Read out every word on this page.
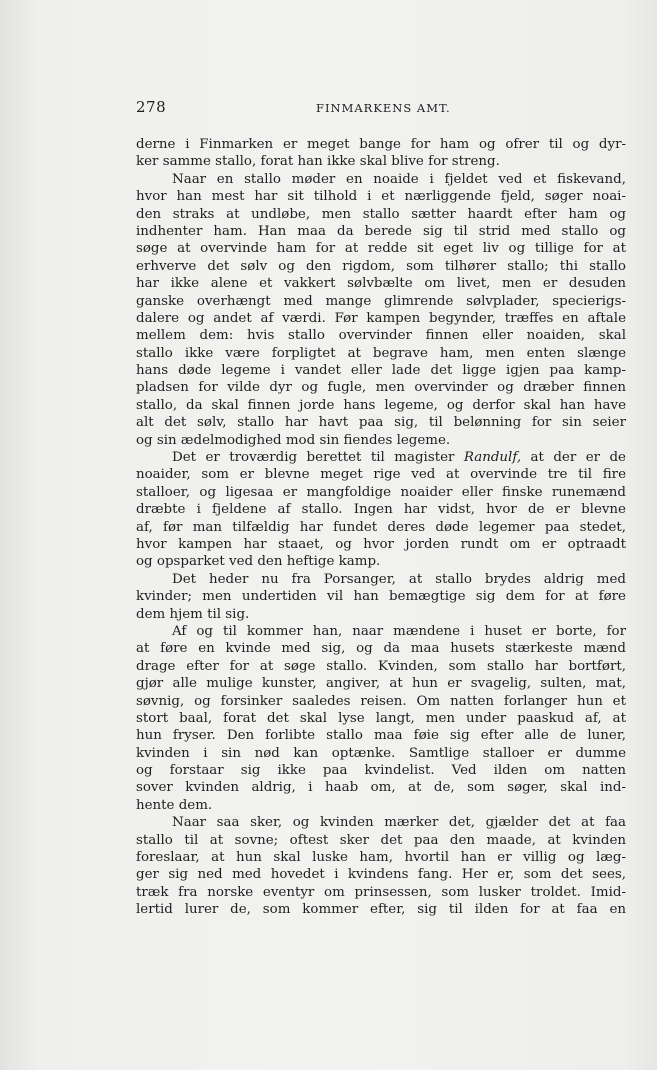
278	FINMARKENS AMT.
derne i Finmarken er meget bange for ham og ofrer til og dyr-
ker samme stallo, forat han ikke skal blive for streng.
Naar en stallo møder en noaide i fjeldet ved et fiskevand,
hvor han mest har sit tilhold i et nærliggende fjeld, søger noai-
den straks at undløbe, men stallo sætter haardt efter ham og
indhenter ham. Han maa da berede sig til strid med stallo og
søge at overvinde ham for at redde sit eget liv og tillige for at
erhverve det sølv og den rigdom, som tilhører stallo; thi stallo
har ikke alene et vakkert sølvbælte om livet, men er desuden
ganske overhængt med mange glimrende sølvplader, specierigs-
dalere og andet af værdi. Før kampen begynder, træffes en aftale
mellem dem: hvis stallo overvinder finnen eller noaiden, skal
stallo ikke være forpligtet at begrave ham, men enten slænge
hans døde legeme i vandet eller lade det ligge igjen paa kamp-
pladsen for vilde dyr og fugle, men overvinder og dræber finnen
stallo, da skal finnen jorde hans legeme, og derfor skal han have
alt det sølv, stallo har havt paa sig, til belønning for sin seier
og sin ædelmodighed mod sin fiendes legeme.
Det er troværdig berettet til magister Randulf, at der er de
noaider, som er blevne meget rige ved at overvinde tre til fire
stalloer, og ligesaa er mangfoldige noaider eller finske runemænd
dræbte i fjeldene af stallo. Ingen har vidst, hvor de er blevne
af, før man tilfældig har fundet deres døde legemer paa stedet,
hvor kampen har staaet, og hvor jorden rundt om er optraadt
og opsparket ved den heftige kamp.
Det heder nu fra Porsanger, at stallo brydes aldrig med
kvinder; men undertiden vil han bemægtige sig dem for at føre
dem hjem til sig.
Af og til kommer han, naar mændene i huset er borte, for
at føre en kvinde med sig, og da maa husets stærkeste mænd
drage efter for at søge stallo. Kvinden, som stallo har bortført,
gjør alle mulige kunster, angiver, at hun er svagelig, sulten, mat,
søvnig, og forsinker saaledes reisen. Om natten forlanger hun et
stort baal, forat det skal lyse langt, men under paaskud af, at
hun fryser. Den forlibte stallo maa føie sig efter alle de luner,
kvinden i sin nød kan optænke. Samtlige stalloer er dumme
og forstaar sig ikke paa kvindelist. Ved ilden om natten
sover kvinden aldrig, i haab om, at de, som søger, skal ind-
hente dem.
Naar saa sker, og kvinden mærker det, gjælder det at faa
stallo til at sovne; oftest sker det paa den maade, at kvinden
foreslaar, at hun skal luske ham, hvortil han er villig og læg-
ger sig ned med hovedet i kvindens fang. Her er, som det sees,
træk fra norske eventyr om prinsessen, som lusker troldet. Imid-
lertid lurer de, som kommer efter, sig til ilden for at faa en
